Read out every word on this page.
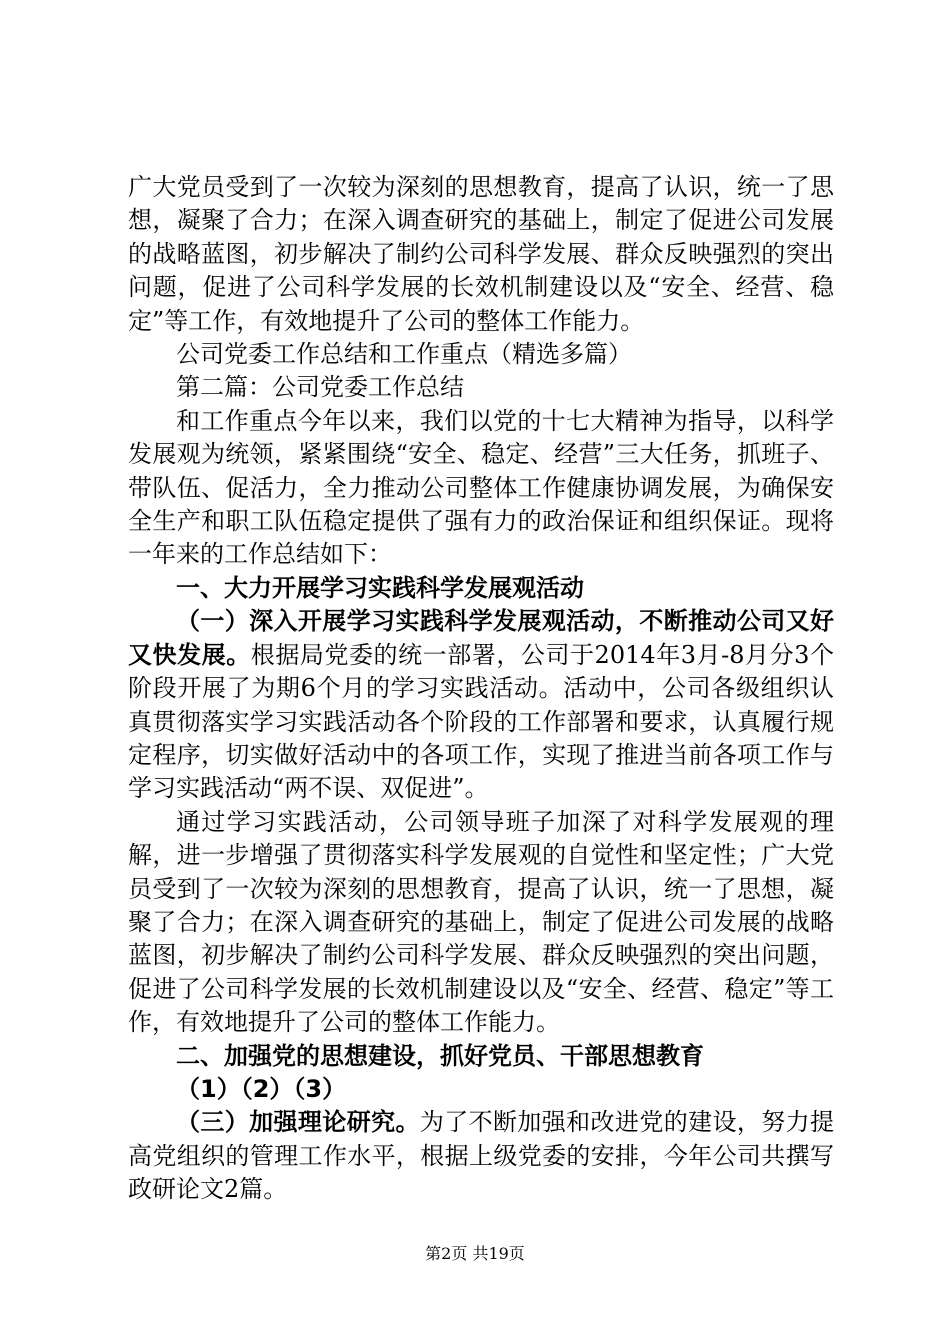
广大党员受到了一次较为深刻的思想教育，提高了认识，统一了思想，凝聚了合力；在深入调查研究的基础上，制定了促进公司发展的战略蓝图，初步解决了制约公司科学发展、群众反映强烈的突出问题，促进了公司科学发展的长效机制建设以及“安全、经营、稳定”等工作，有效地提升了公司的整体工作能力。

公司党委工作总结和工作重点（精选多篇）

第二篇：公司党委工作总结

和工作重点今年以来，我们以党的十七大精神为指导，以科学发展观为统领，紧紧围绕“安全、稳定、经营”三大任务，抓班子、带队伍、促活力，全力推动公司整体工作健康协调发展，为确保安全生产和职工队伍稳定提供了强有力的政治保证和组织保证。现将一年来的工作总结如下：

一、大力开展学习实践科学发展观活动

（一）深入开展学习实践科学发展观活动，不断推动公司又好又快发展。根据局党委的统一部署，公司于2014年3月-8月分3个阶段开展了为期6个月的学习实践活动。活动中，公司各级组织认真贯彻落实学习实践活动各个阶段的工作部署和要求，认真履行规定程序，切实做好活动中的各项工作，实现了推进当前各项工作与学习实践活动“两不误、双促进”。

通过学习实践活动，公司领导班子加深了对科学发展观的理解，进一步增强了贯彻落实科学发展观的自觉性和坚定性；广大党员受到了一次较为深刻的思想教育，提高了认识，统一了思想，凝聚了合力；在深入调查研究的基础上，制定了促进公司发展的战略蓝图，初步解决了制约公司科学发展、群众反映强烈的突出问题，促进了公司科学发展的长效机制建设以及“安全、经营、稳定”等工作，有效地提升了公司的整体工作能力。

二、加强党的思想建设，抓好党员、干部思想教育

（1）（2）（3）

（三）加强理论研究。为了不断加强和改进党的建设，努力提高党组织的管理工作水平，根据上级党委的安排，今年公司共撰写政研论文2篇。

第2页 共19页
